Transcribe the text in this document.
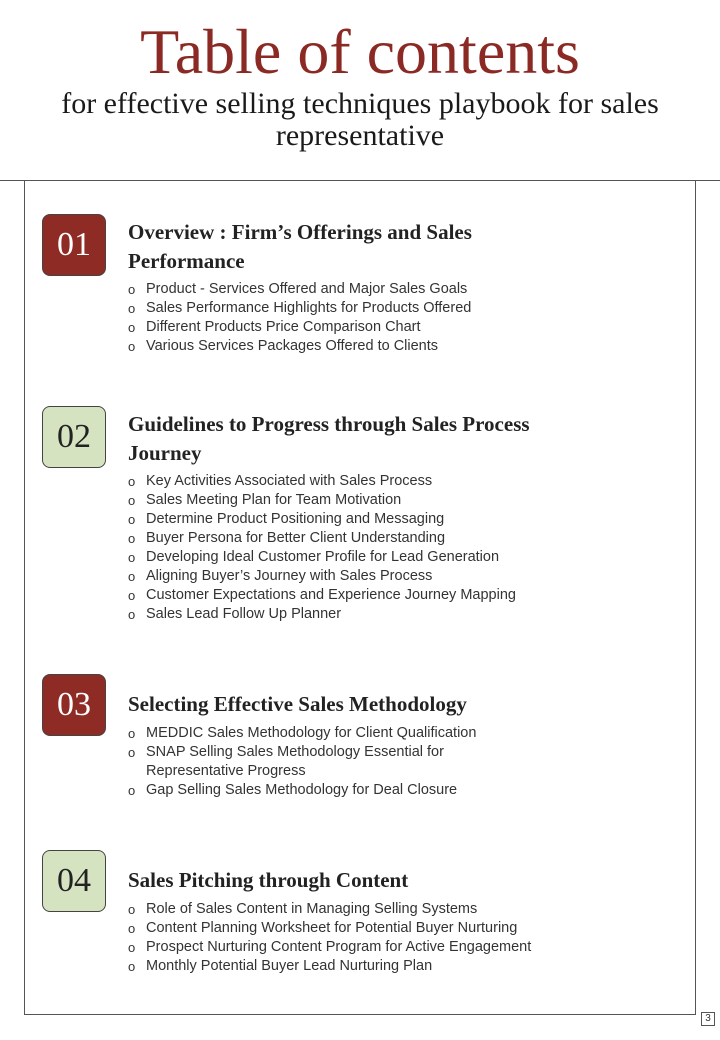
Table of contents

for effective selling techniques playbook for sales representative

01	Overview : Firm’s Offerings and Sales Performance
o Product - Services Offered and Major Sales Goals
o Sales Performance Highlights for Products Offered
o Different Products Price Comparison Chart
o Various Services Packages Offered to Clients
02	Guidelines to Progress through Sales Process Journey
o Key Activities Associated with Sales Process
o Sales Meeting Plan for Team Motivation
o Determine Product Positioning and Messaging
o Buyer Persona for Better Client Understanding
o Developing Ideal Customer Profile for Lead Generation
o Aligning Buyer’s Journey with Sales Process
o Customer Expectations and Experience Journey Mapping
o Sales Lead Follow Up Planner
03	Selecting Effective Sales Methodology
o MEDDIC Sales Methodology for Client Qualification
o SNAP Selling Sales Methodology Essential for Representative Progress
o Gap Selling Sales Methodology for Deal Closure
04	Sales Pitching through Content
o Role of Sales Content in Managing Selling Systems
o Content Planning Worksheet for Potential Buyer Nurturing
o Prospect Nurturing Content Program for Active Engagement
o Monthly Potential Buyer Lead Nurturing Plan
3
